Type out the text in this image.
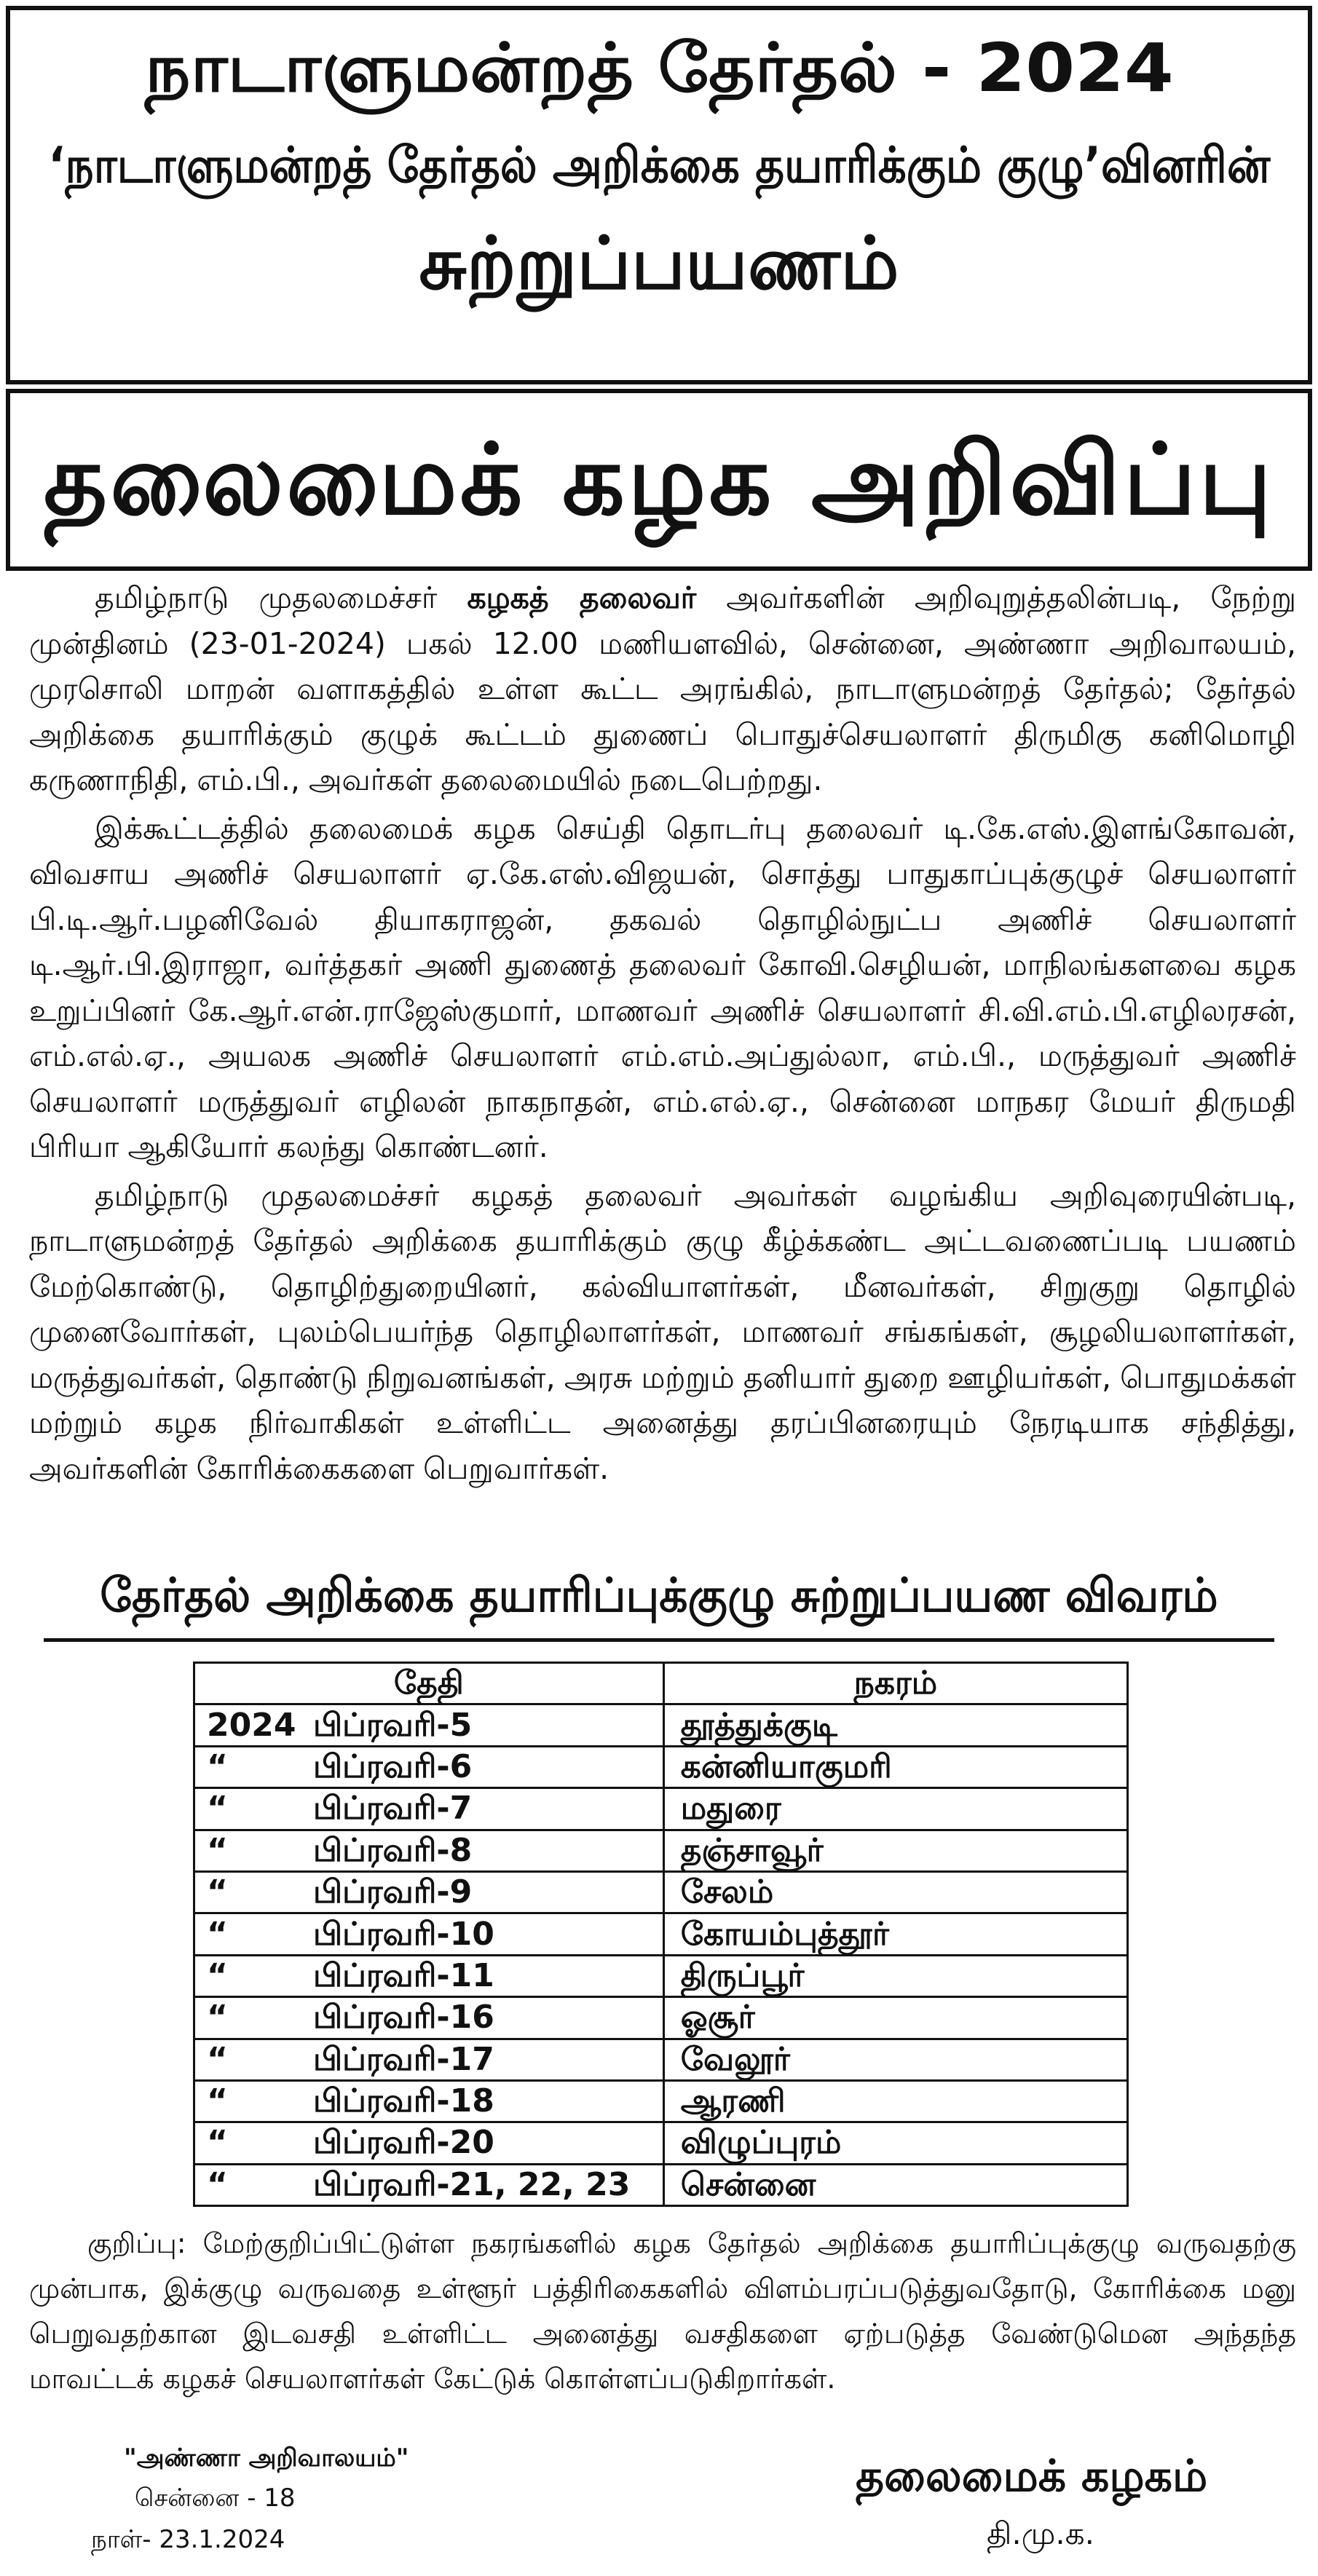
நாடாளுமன்றத் தேர்தல் - 2024
‘நாடாளுமன்றத் தேர்தல் அறிக்கை தயாரிக்கும் குழு’வினரின்
சுற்றுப்பயணம்
தலைமைக் கழக அறிவிப்பு

தமிழ்நாடு முதலமைச்சர் கழகத் தலைவர் அவர்களின் அறிவுறுத்தலின்படி, நேற்று முன்தினம் (23-01-2024) பகல் 12.00 மணியளவில், சென்னை, அண்ணா அறிவாலயம், முரசொலி மாறன் வளாகத்தில் உள்ள கூட்ட அரங்கில், நாடாளுமன்றத் தேர்தல்; தேர்தல் அறிக்கை தயாரிக்கும் குழுக் கூட்டம் துணைப் பொதுச்செயலாளர் திருமிகு கனிமொழி கருணாநிதி, எம்.பி., அவர்கள் தலைமையில் நடைபெற்றது.

இக்கூட்டத்தில் தலைமைக் கழக செய்தி தொடர்பு தலைவர் டி.கே.எஸ்.இளங்கோவன், விவசாய அணிச் செயலாளர் ஏ.கே.எஸ்.விஜயன், சொத்து பாதுகாப்புக்குழுச் செயலாளர் பி.டி.ஆர்.பழனிவேல் தியாகராஜன், தகவல் தொழில்நுட்ப அணிச் செயலாளர் டி.ஆர்.பி.இராஜா, வர்த்தகர் அணி துணைத் தலைவர் கோவி.செழியன், மாநிலங்களவை கழக உறுப்பினர் கே.ஆர்.என்.ராஜேஸ்குமார், மாணவர் அணிச் செயலாளர் சி.வி.எம்.பி.எழிலரசன், எம்.எல்.ஏ., அயலக அணிச் செயலாளர் எம்.எம்.அப்துல்லா, எம்.பி., மருத்துவர் அணிச் செயலாளர் மருத்துவர் எழிலன் நாகநாதன், எம்.எல்.ஏ., சென்னை மாநகர மேயர் திருமதி பிரியா ஆகியோர் கலந்து கொண்டனர்.

தமிழ்நாடு முதலமைச்சர் கழகத் தலைவர் அவர்கள் வழங்கிய அறிவுரையின்படி, நாடாளுமன்றத் தேர்தல் அறிக்கை தயாரிக்கும் குழு கீழ்க்கண்ட அட்டவணைப்படி பயணம் மேற்கொண்டு, தொழிற்துறையினர், கல்வியாளர்கள், மீனவர்கள், சிறுகுறு தொழில் முனைவோர்கள், புலம்பெயர்ந்த தொழிலாளர்கள், மாணவர் சங்கங்கள், சூழலியலாளர்கள், மருத்துவர்கள், தொண்டு நிறுவனங்கள், அரசு மற்றும் தனியார் துறை ஊழியர்கள், பொதுமக்கள் மற்றும் கழக நிர்வாகிகள் உள்ளிட்ட அனைத்து தரப்பினரையும் நேரடியாக சந்தித்து, அவர்களின் கோரிக்கைகளை பெறுவார்கள்.

தேர்தல் அறிக்கை தயாரிப்புக்குழு சுற்றுப்பயண விவரம்
தேதி	நகரம்
2024 பிப்ரவரி-5	தூத்துக்குடி
“ பிப்ரவரி-6	கன்னியாகுமரி
“ பிப்ரவரி-7	மதுரை
“ பிப்ரவரி-8	தஞ்சாவூர்
“ பிப்ரவரி-9	சேலம்
“ பிப்ரவரி-10	கோயம்புத்தூர்
“ பிப்ரவரி-11	திருப்பூர்
“ பிப்ரவரி-16	ஓசூர்
“ பிப்ரவரி-17	வேலூர்
“ பிப்ரவரி-18	ஆரணி
“ பிப்ரவரி-20	விழுப்புரம்
“ பிப்ரவரி-21, 22, 23	சென்னை

குறிப்பு: மேற்குறிப்பிட்டுள்ள நகரங்களில் கழக தேர்தல் அறிக்கை தயாரிப்புக்குழு வருவதற்கு முன்பாக, இக்குழு வருவதை உள்ளூர் பத்திரிகைகளில் விளம்பரப்படுத்துவதோடு, கோரிக்கை மனு பெறுவதற்கான இடவசதி உள்ளிட்ட அனைத்து வசதிகளை ஏற்படுத்த வேண்டுமென அந்தந்த மாவட்டக் கழகச் செயலாளர்கள் கேட்டுக் கொள்ளப்படுகிறார்கள்.

"அண்ணா அறிவாலயம்"
சென்னை - 18
நாள்- 23.1.2024
தலைமைக் கழகம்
தி.மு.க.
